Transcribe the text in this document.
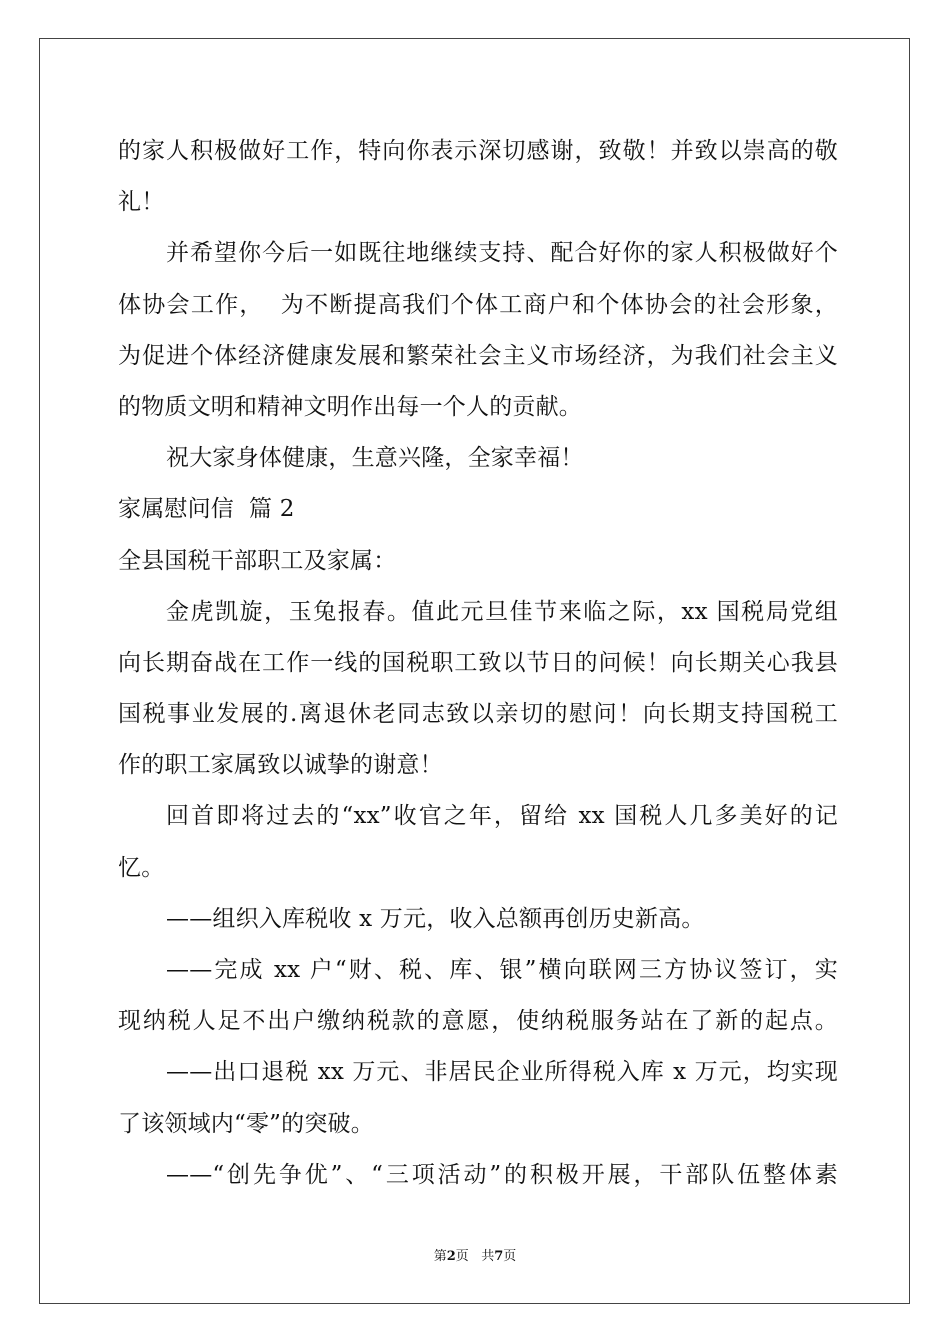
的家人积极做好工作，特向你表示深切感谢，致敬！并致以崇高的敬
礼！
并希望你今后一如既往地继续支持、配合好你的家人积极做好个
体协会工作，  为不断提高我们个体工商户和个体协会的社会形象，
为促进个体经济健康发展和繁荣社会主义市场经济，为我们社会主义
的物质文明和精神文明作出每一个人的贡献。
祝大家身体健康，生意兴隆，全家幸福！
家属慰问信  篇 2
全县国税干部职工及家属：
金虎凯旋，玉兔报春。值此元旦佳节来临之际，xx 国税局党组
向长期奋战在工作一线的国税职工致以节日的问候！向长期关心我县
国税事业发展的.离退休老同志致以亲切的慰问！向长期支持国税工
作的职工家属致以诚挚的谢意！
回首即将过去的“xx”收官之年，留给 xx 国税人几多美好的记
忆。
——组织入库税收 x 万元，收入总额再创历史新高。
——完成 xx 户“财、税、库、银”横向联网三方协议签订，实
现纳税人足不出户缴纳税款的意愿，使纳税服务站在了新的起点。
——出口退税 xx 万元、非居民企业所得税入库 x 万元，均实现
了该领域内“零”的突破。
——“创先争优”、“三项活动”的积极开展，干部队伍整体素
第2页   共7页
